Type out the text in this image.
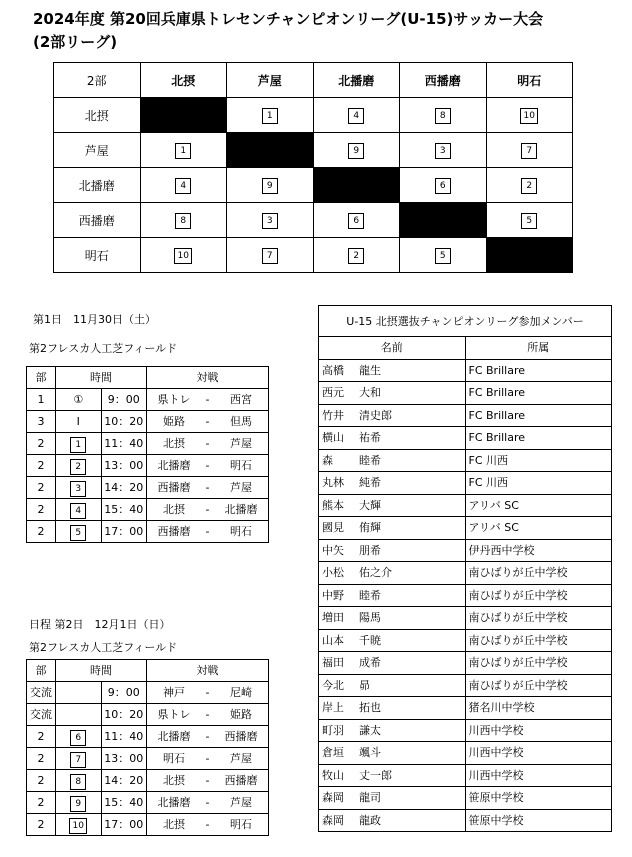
2024年度 第20回兵庫県トレセンチャンピオンリーグ(U-15)サッカー大会
(2部リーグ)
2部	北摂	芦屋	北播磨	西播磨	明石
北摂		1	4	8	10
芦屋	1		9	3	7
北播磨	4	9		6	2
西播磨	8	3	6		5
明石	10	7	2	5	
第1日　11月30日（土）
第2フレスカ人工芝フィールド
部	時間		対戦
1	①	9：00	県トレ - 西宮

3	Ⅰ	10：20	姫路 - 但馬

2	1	11：40	北摂 - 芦屋

2	2	13：00	北播磨 - 明石

2	3	14：20	西播磨 - 芦屋

2	4	15：40	北摂 - 北播磨

2	5	17：00	西播磨 - 明石
日程 第2日　12月1日（日）
第2フレスカ人工芝フィールド
部	時間		対戦
交流		9：00	神戸 - 尼崎

交流		10：20	県トレ - 姫路

2	6	11：40	北播磨 - 西播磨

2	7	13：00	明石 - 芦屋

2	8	14：20	北摂 - 西播磨

2	9	15：40	北播磨 - 芦屋

2	10	17：00	北摂 - 明石
U-15 北摂選抜チャンピオンリーグ参加メンバー	
名前	所属
高橋 龍生	FC Brillare
西元 大和	FC Brillare
竹井 清史郎	FC Brillare
横山 祐希	FC Brillare
森 睦希	FC 川西
丸林 純希	FC 川西
熊本 大輝	アリバ SC
國見 侑輝	アリバ SC
中矢 朋希	伊丹西中学校
小松 佑之介	南ひばりが丘中学校
中野 睦希	南ひばりが丘中学校
増田 陽馬	南ひばりが丘中学校
山本 千暁	南ひばりが丘中学校
福田 成希	南ひばりが丘中学校
今北 昴	南ひばりが丘中学校
岸上 拓也	猪名川中学校
町羽 謙太	川西中学校
倉垣 颯斗	川西中学校
牧山 丈一郎	川西中学校
森岡 龍司	笹原中学校
森岡 龍政	笹原中学校
